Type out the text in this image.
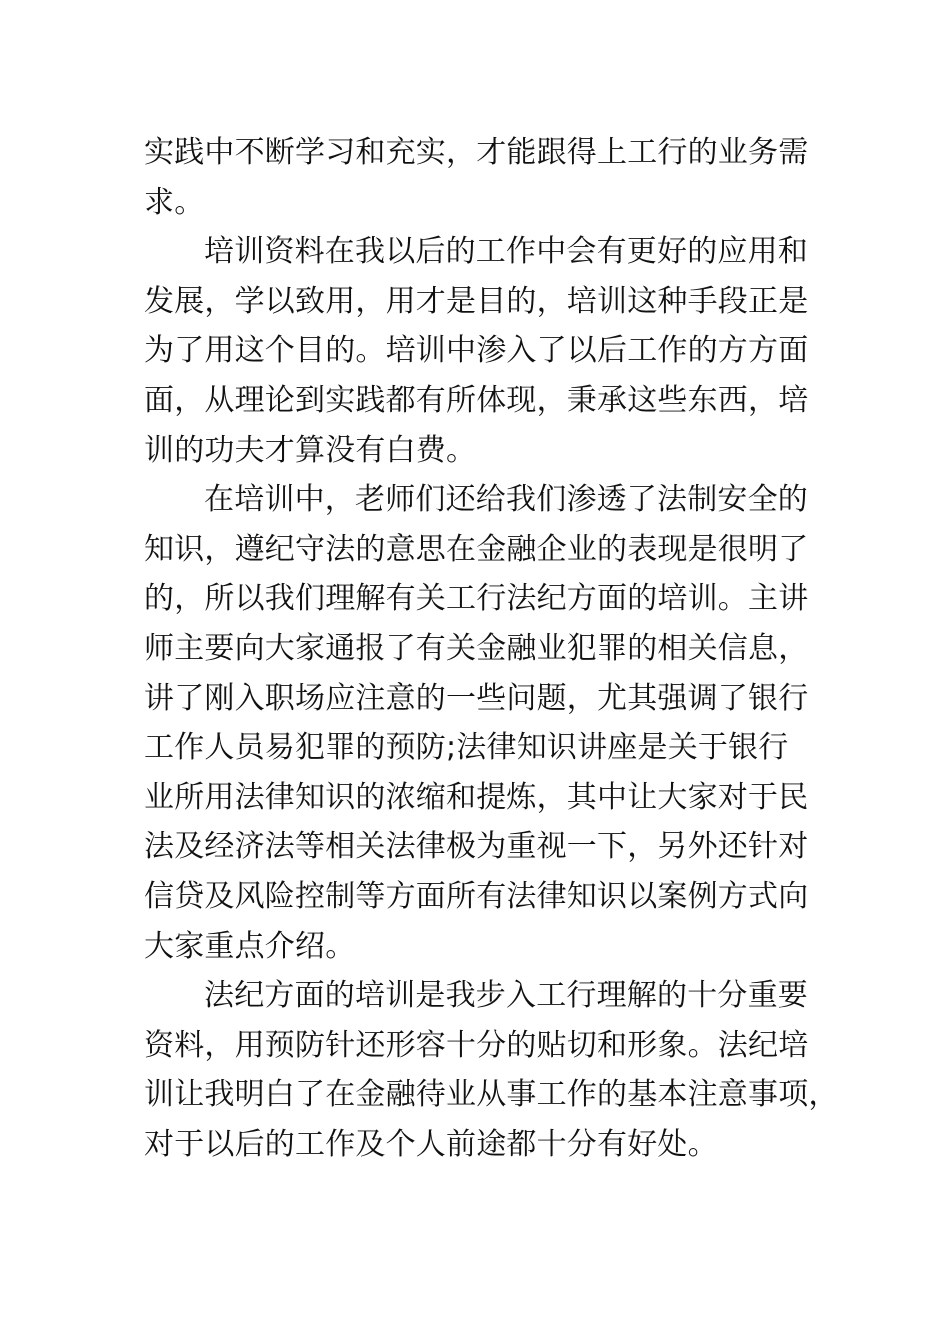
实践中不断学习和充实，才能跟得上工行的业务需
求。
培训资料在我以后的工作中会有更好的应用和
发展，学以致用，用才是目的，培训这种手段正是
为了用这个目的。培训中渗入了以后工作的方方面
面，从理论到实践都有所体现，秉承这些东西，培
训的功夫才算没有白费。
在培训中，老师们还给我们渗透了法制安全的
知识，遵纪守法的意思在金融企业的表现是很明了
的，所以我们理解有关工行法纪方面的培训。主讲
师主要向大家通报了有关金融业犯罪的相关信息，
讲了刚入职场应注意的一些问题，尤其强调了银行
工作人员易犯罪的预防;法律知识讲座是关于银行
业所用法律知识的浓缩和提炼，其中让大家对于民
法及经济法等相关法律极为重视一下，另外还针对
信贷及风险控制等方面所有法律知识以案例方式向
大家重点介绍。
法纪方面的培训是我步入工行理解的十分重要
资料，用预防针还形容十分的贴切和形象。法纪培
训让我明白了在金融待业从事工作的基本注意事项，
对于以后的工作及个人前途都十分有好处。
